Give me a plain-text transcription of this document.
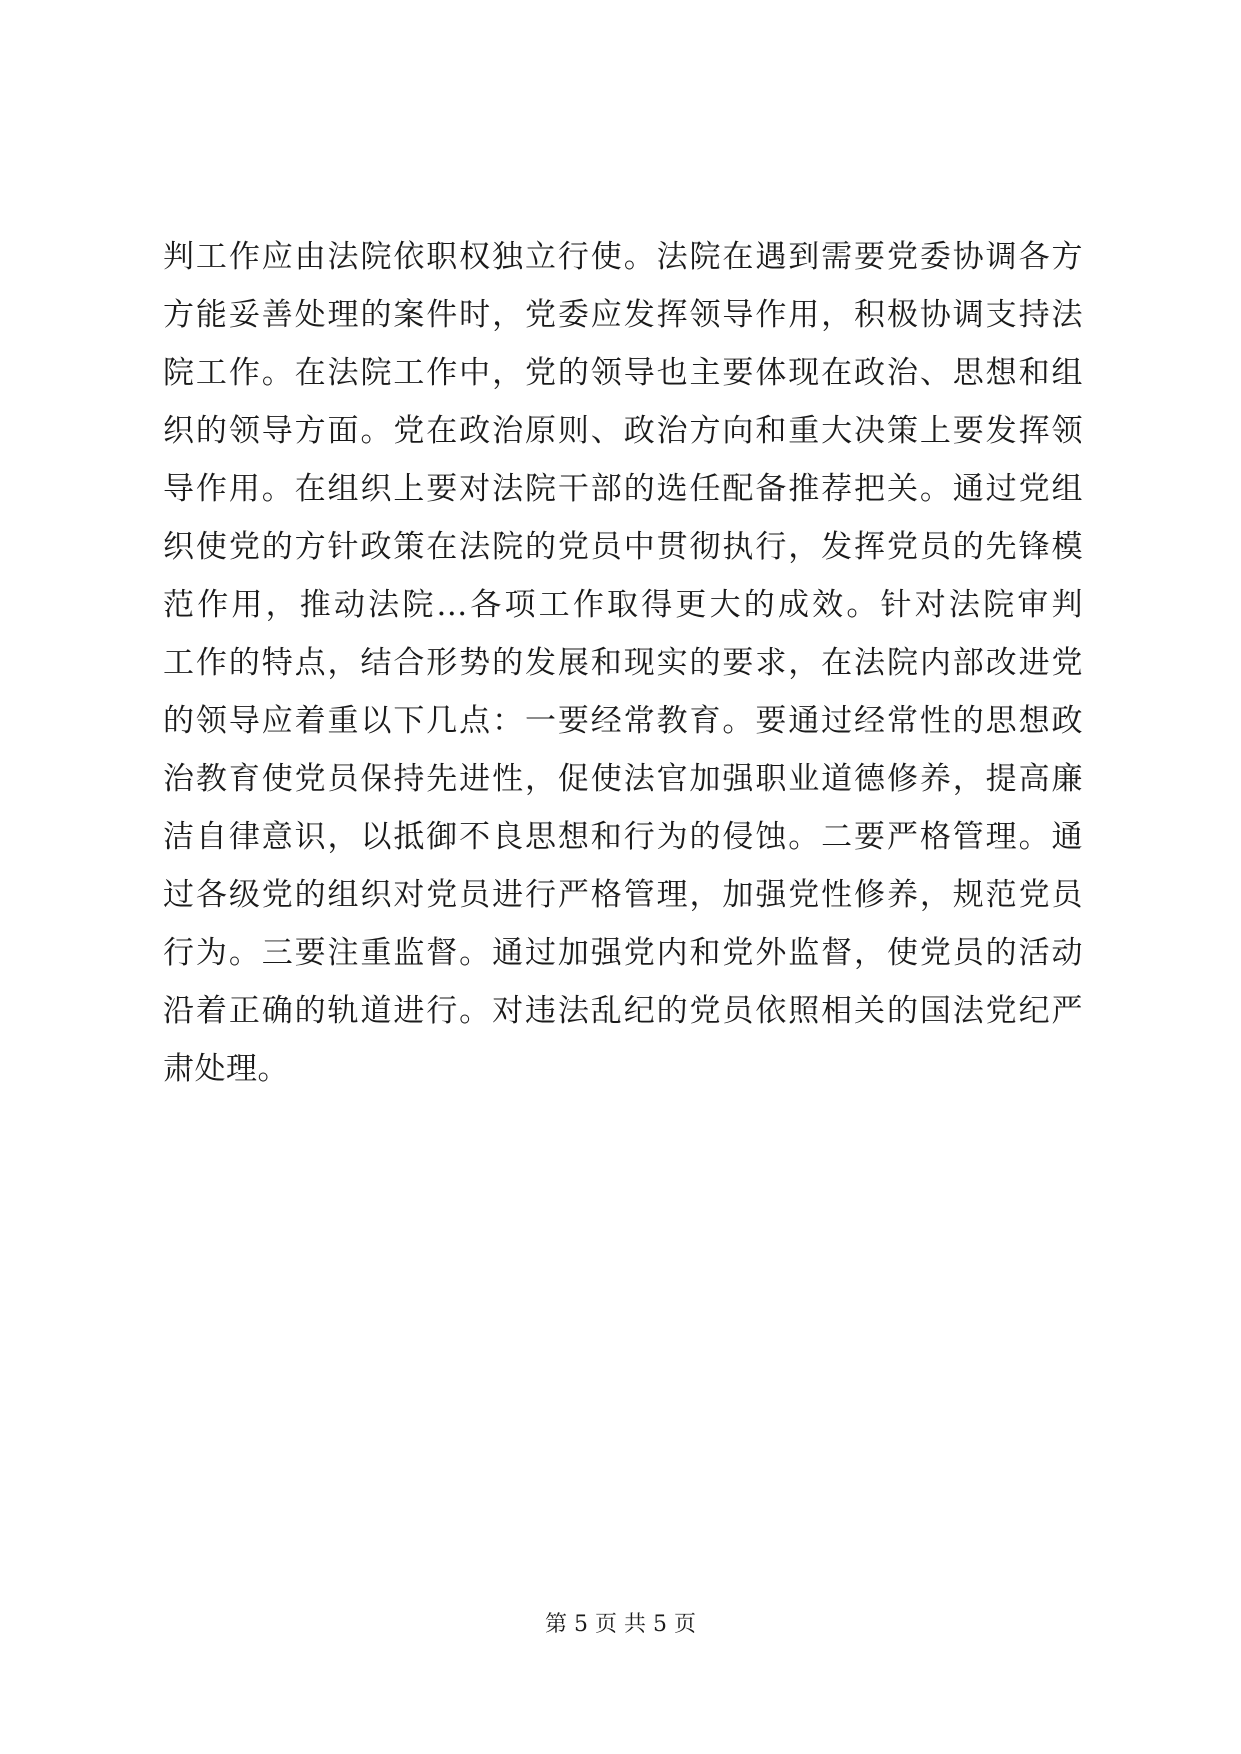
判工作应由法院依职权独立行使。法院在遇到需要党委协调各方
方能妥善处理的案件时，党委应发挥领导作用，积极协调支持法
院工作。在法院工作中，党的领导也主要体现在政治、思想和组
织的领导方面。党在政治原则、政治方向和重大决策上要发挥领
导作用。在组织上要对法院干部的选任配备推荐把关。通过党组
织使党的方针政策在法院的党员中贯彻执行，发挥党员的先锋模
范作用，推动法院...各项工作取得更大的成效。针对法院审判
工作的特点，结合形势的发展和现实的要求，在法院内部改进党
的领导应着重以下几点：一要经常教育。要通过经常性的思想政
治教育使党员保持先进性，促使法官加强职业道德修养，提高廉
洁自律意识，以抵御不良思想和行为的侵蚀。二要严格管理。通
过各级党的组织对党员进行严格管理，加强党性修养，规范党员
行为。三要注重监督。通过加强党内和党外监督，使党员的活动
沿着正确的轨道进行。对违法乱纪的党员依照相关的国法党纪严
肃处理。
第 5 页 共 5 页
